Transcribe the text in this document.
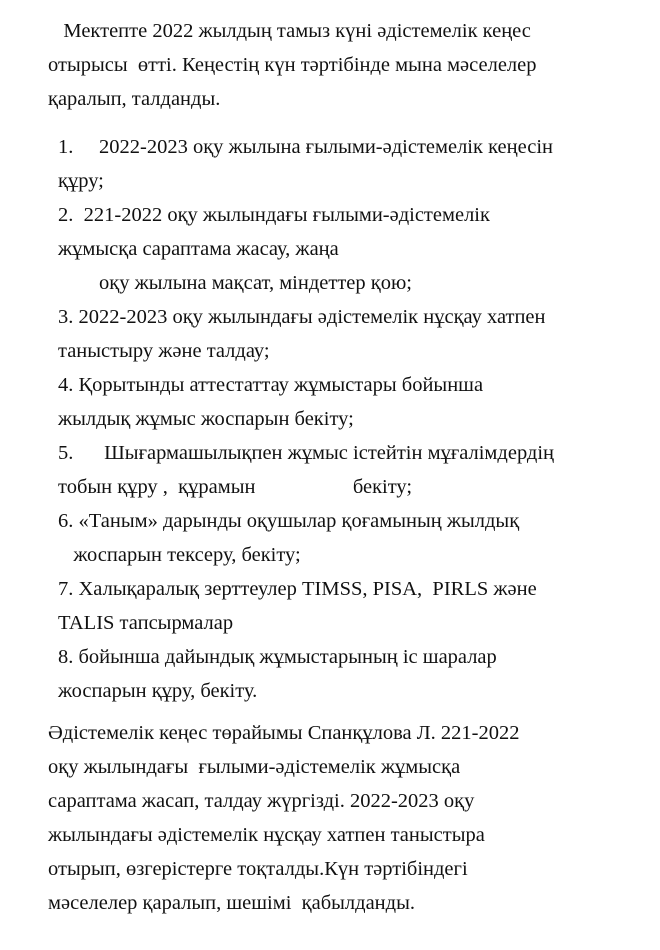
Мектепте 2022 жылдың тамыз күні әдістемелік кеңес
отырысы  өтті. Кеңестің күн тәртібінде мына мәселелер
қаралып, талданды.
1.     2022-2023 оқу жылына ғылыми-әдістемелік кеңесін
құру;
2.  221-2022 оқу жылындағы ғылыми-әдістемелік
жұмысқа сараптама жасау, жаңа
оқу жылына мақсат, міндеттер қою;
3. 2022-2023 оқу жылындағы әдістемелік нұсқау хатпен
таныстыру және талдау;
4. Қорытынды аттестаттау жұмыстары бойынша
жылдық жұмыс жоспарын бекіту;
5.      Шығармашылықпен жұмыс істейтін мұғалімдердің
тобын құру ,  құрамын                   бекіту;
6. «Таным» дарынды оқушылар қоғамының жылдық
жоспарын тексеру, бекіту;
7. Халықаралық зерттеулер TIMSS, PISA,  PIRLS және
TALIS тапсырмалар
8. бойынша дайындық жұмыстарының іс шаралар
жоспарын құру, бекіту.
Әдістемелік кеңес төрайымы Спанқұлова Л. 221-2022
оқу жылындағы  ғылыми-әдістемелік жұмысқа
сараптама жасап, талдау жүргізді. 2022-2023 оқу
жылындағы әдістемелік нұсқау хатпен таныстыра
отырып, өзгерістерге тоқталды.Күн тәртібіндегі
мәселелер қаралып, шешімі  қабылданды.
